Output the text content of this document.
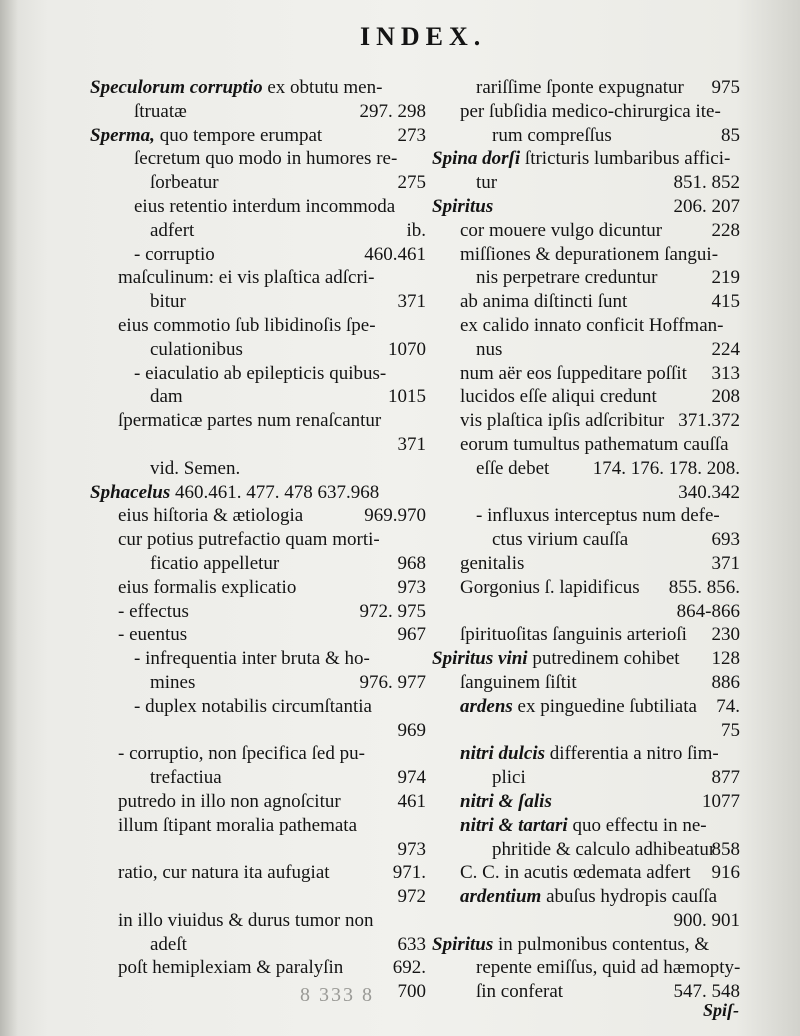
INDEX.
Speculorum corruptio ex obtutu men-
ſtruatæ	297. 298
Sperma, quo tempore erumpat	273
ſecretum quo modo in humores re-
ſorbeatur	275
eius retentio interdum incommoda
adfert	ib.
- corruptio	460.461
maſculinum: ei vis plaſtica adſcri-
bitur	371
eius commotio ſub libidinoſis ſpe-
culationibus	1070
- eiaculatio ab epilepticis quibus-
dam	1015
ſpermaticæ partes num renaſcantur
371
vid. Semen.
Sphacelus 460.461. 477. 478 637.968
eius hiſtoria & ætiologia	969.970
cur potius putrefactio quam morti-
ficatio appelletur	968
eius formalis explicatio	973
- effectus	972. 975
- euentus	967
- infrequentia inter bruta & ho-
mines	976. 977
- duplex notabilis circumſtantia
969
- corruptio, non ſpecifica ſed pu-
trefactiua	974
putredo in illo non agnoſcitur	461
illum ſtipant moralia pathemata
973
ratio, cur natura ita aufugiat	971.
972
in illo viuidus & durus tumor non
adeſt	633
poſt hemiplexiam & paralyſin	692.
700
rariſſime ſponte expugnatur 975
per ſubſidia medico-chirurgica ite-
rum compreſſus	85
Spina dorſi ſtricturis lumbaribus affici-
tur	851. 852
Spiritus	206. 207
cor mouere vulgo dicuntur	228
miſſiones & depurationem ſangui-
nis perpetrare creduntur	219
ab anima diſtincti ſunt	415
ex calido innato conficit Hoffman-
nus	224
num aër eos ſuppeditare poſſit 313
lucidos eſſe aliqui credunt	208
vis plaſtica ipſis adſcribitur 371.372
eorum tumultus pathematum cauſſa
eſſe debet 174. 176. 178. 208.
340.342
- influxus interceptus num defe-
ctus virium cauſſa	693
genitalis	371
Gorgonius ſ. lapidificus 855. 856.
864-866
ſpirituoſitas ſanguinis arterioſi 230
Spiritus vini putredinem cohibet 128
ſanguinem ſiſtit	886
ardens ex pinguedine ſubtiliata 74.
75
nitri dulcis differentia a nitro ſim-
plici	877
nitri & ſalis	1077
nitri & tartari quo effectu in ne-
phritide & calculo adhibeatur
858
C. C. in acutis œdemata adfert 916
ardentium abuſus hydropis cauſſa
900. 901
Spiritus in pulmonibus contentus, &
repente emiſſus, quid ad hæmopty-
ſin conferat	547. 548
8 333 8
Spiſ-
